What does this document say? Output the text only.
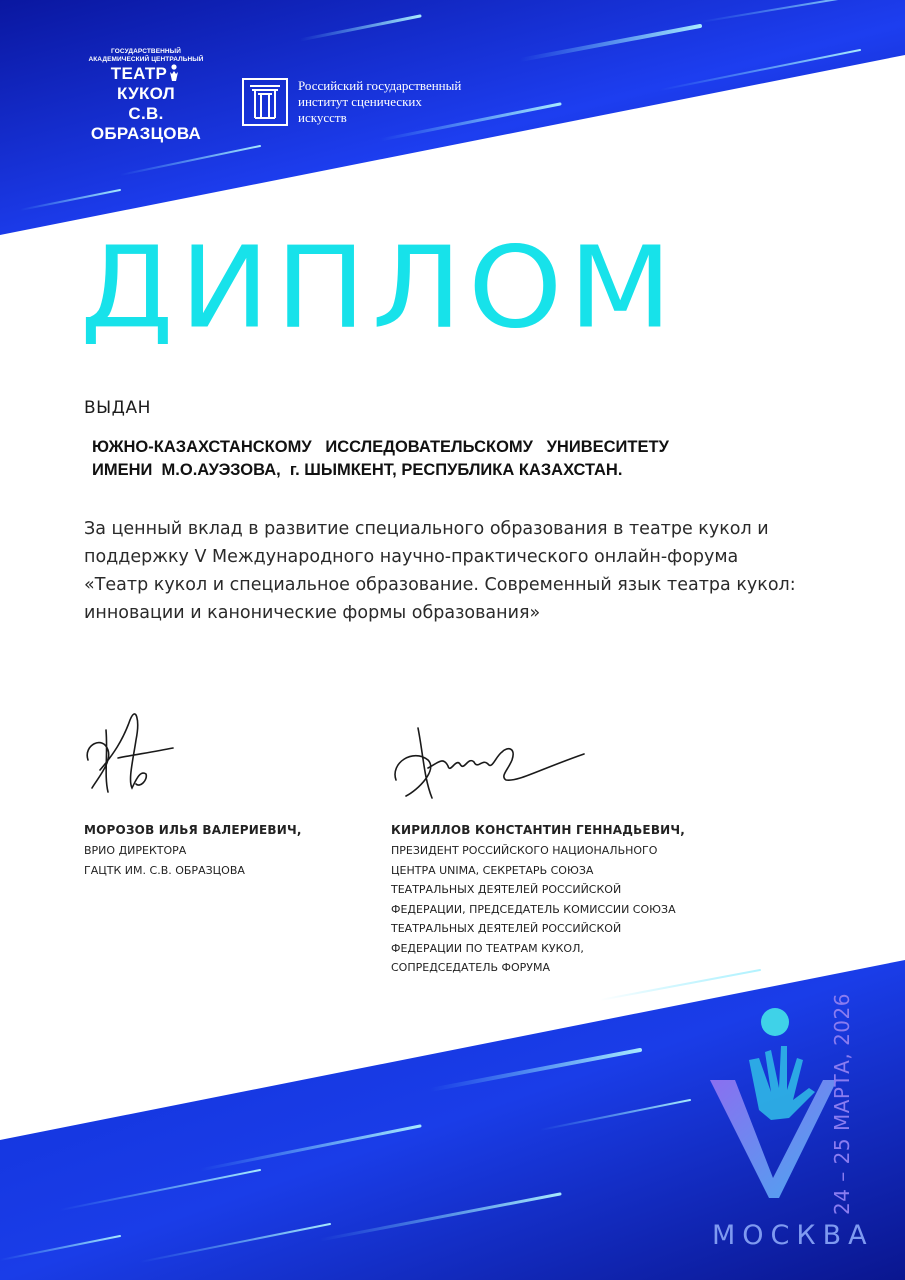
ГОСУДАРСТВЕННЫЙ
АКАДЕМИЧЕСКИЙ ЦЕНТРАЛЬНЫЙ
ТЕАТРКУКОЛ
С.В. ОБРАЗЦОВА
Российский государственный
институт сценических
искусств
ДИПЛОМ
ВЫДАН
ЮЖНО-КАЗАХСТАНСКОМУ   ИССЛЕДОВАТЕЛЬСКОМУ   УНИВЕСИТЕТУ
ИМЕНИ  М.О.АУЭЗОВА,  г. ШЫМКЕНТ, РЕСПУБЛИКА КАЗАХСТАН.
За ценный вклад в развитие специального образования в театре кукол и поддержку V Международного научно-практического онлайн-форума «Театр кукол и специальное образование. Современный язык театра кукол: инновации и канонические формы образования»
МОРОЗОВ ИЛЬЯ ВАЛЕРИЕВИЧ,
ВРИО ДИРЕКТОРА
ГАЦТК ИМ. С.В. ОБРАЗЦОВА
КИРИЛЛОВ КОНСТАНТИН ГЕННАДЬЕВИЧ,
ПРЕЗИДЕНТ РОССИЙСКОГО НАЦИОНАЛЬНОГО
ЦЕНТРА UNIMA, СЕКРЕТАРЬ СОЮЗА
ТЕАТРАЛЬНЫХ ДЕЯТЕЛЕЙ РОССИЙСКОЙ
ФЕДЕРАЦИИ, ПРЕДСЕДАТЕЛЬ КОМИССИИ СОЮЗА
ТЕАТРАЛЬНЫХ ДЕЯТЕЛЕЙ РОССИЙСКОЙ
ФЕДЕРАЦИИ ПО ТЕАТРАМ КУКОЛ,
СОПРЕДСЕДАТЕЛЬ ФОРУМА
24 – 25 МАРТА, 2026
МОСКВА
